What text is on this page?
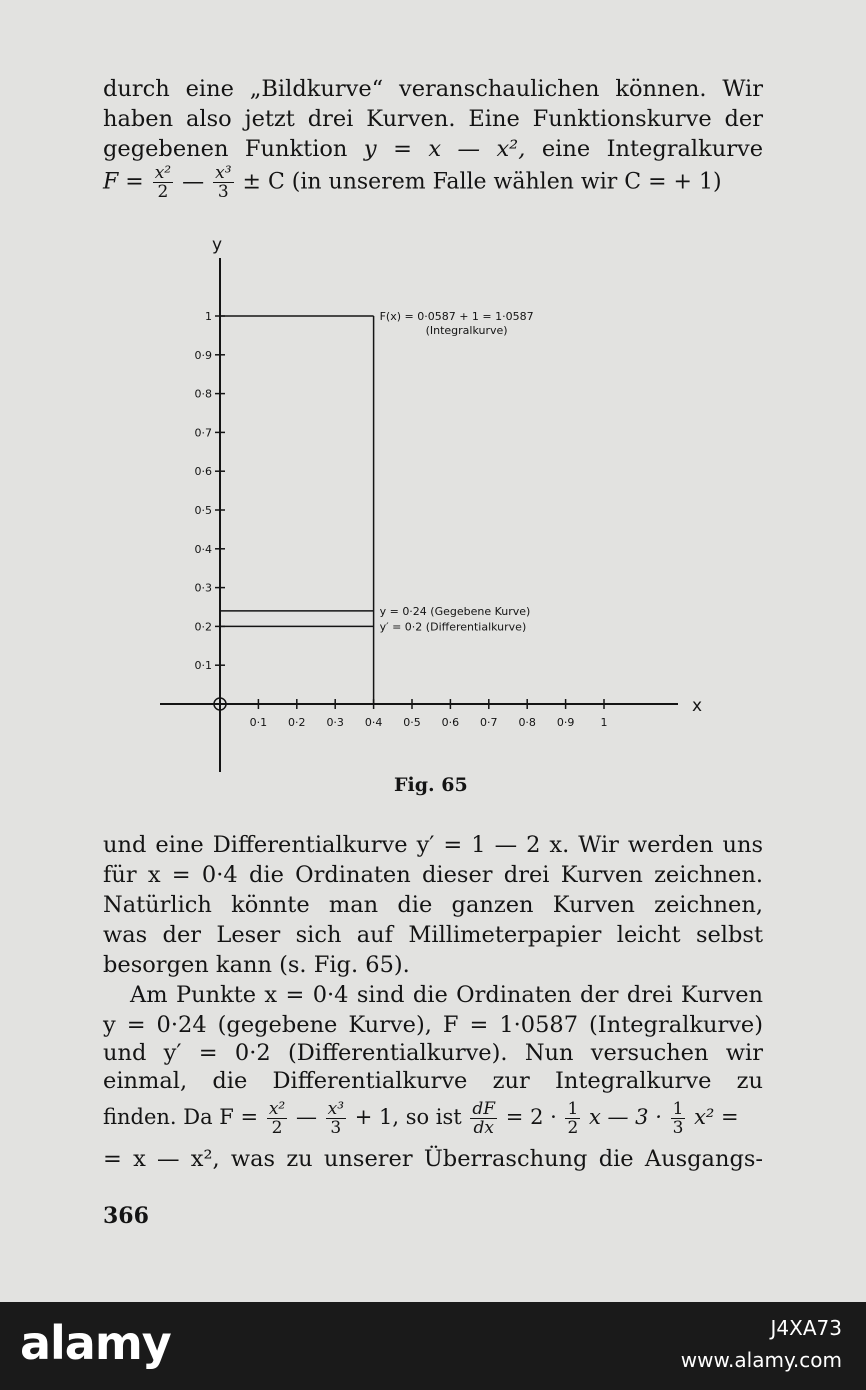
durch eine „Bildkurve“ veranschaulichen können. Wir
haben also jetzt drei Kurven. Eine Funktionskurve der
gegebenen Funktion y = x — x², eine Integralkurve
$F = \frac{\text{x²}}{2}$ — $\frac{\text{x³}}{3} \pm C$ (in unserem Falle wählen wir C = + 1)
x
y
0·1 0·2 0·3 0·4 0·5 0·6 0·7 0·8 0·9 1
0·1
0·2
0·3
0·4
0·5
0·6
0·7
0·8
0·9
1	F(x) = 0·0587 + 1 = 1·0587
(Integralkurve)
y = 0·24 (Gegebene Kurve)
y′ = 0·2 (Differentialkurve)
Fig. 65
und eine Differentialkurve y′ = 1 — 2 x. Wir werden uns
für x = 0·4 die Ordinaten dieser drei Kurven zeichnen.
Natürlich könnte man die ganzen Kurven zeichnen,
was der Leser sich auf Millimeterpapier leicht selbst
besorgen kann (s. Fig. 65).
Am Punkte x = 0·4 sind die Ordinaten der drei Kurven
y = 0·24 (gegebene Kurve), F = 1·0587 (Integralkurve)
und y′ = 0·2 (Differentialkurve). Nun versuchen wir
einmal, die Differentialkurve zur Integralkurve zu
finden. Da $F = \frac{\text{x²}}{2}$ — $\frac{\text{x³}}{3} + 1$, so ist $\frac{dF}{dx} = 2 \cdot \frac{1}{2}$ x — $3 \cdot \frac{1}{3} x^2$ =
= x — x², was zu unserer Überraschung die Ausgangs-
366
alamy	J4XA73
www.alamy.com
